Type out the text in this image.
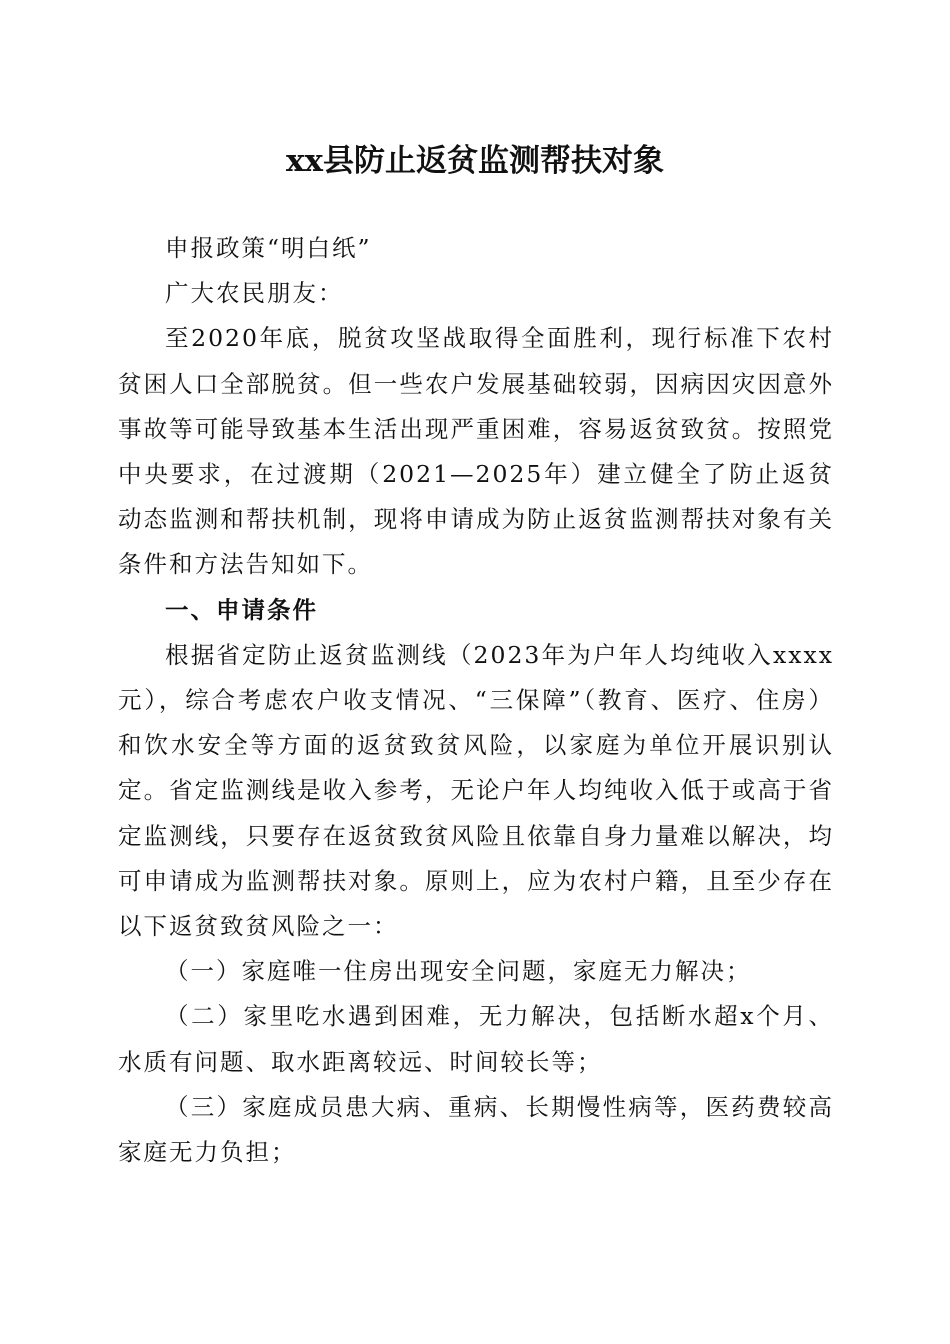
xx县防止返贫监测帮扶对象

申报政策“明白纸”

广大农民朋友：

至2020年底，脱贫攻坚战取得全面胜利，现行标准下农村贫困人口全部脱贫。但一些农户发展基础较弱，因病因灾因意外事故等可能导致基本生活出现严重困难，容易返贫致贫。按照党中央要求，在过渡期（2021—2025年）建立健全了防止返贫动态监测和帮扶机制，现将申请成为防止返贫监测帮扶对象有关条件和方法告知如下。

一、申请条件

根据省定防止返贫监测线（2023年为户年人均纯收入xxxx元），综合考虑农户收支情况、“三保障”（教育、医疗、住房）和饮水安全等方面的返贫致贫风险，以家庭为单位开展识别认定。省定监测线是收入参考，无论户年人均纯收入低于或高于省定监测线，只要存在返贫致贫风险且依靠自身力量难以解决，均可申请成为监测帮扶对象。原则上，应为农村户籍，且至少存在以下返贫致贫风险之一：

（一）家庭唯一住房出现安全问题，家庭无力解决；

（二）家里吃水遇到困难，无力解决，包括断水超x个月、水质有问题、取水距离较远、时间较长等；

（三）家庭成员患大病、重病、长期慢性病等，医药费较高家庭无力负担；
